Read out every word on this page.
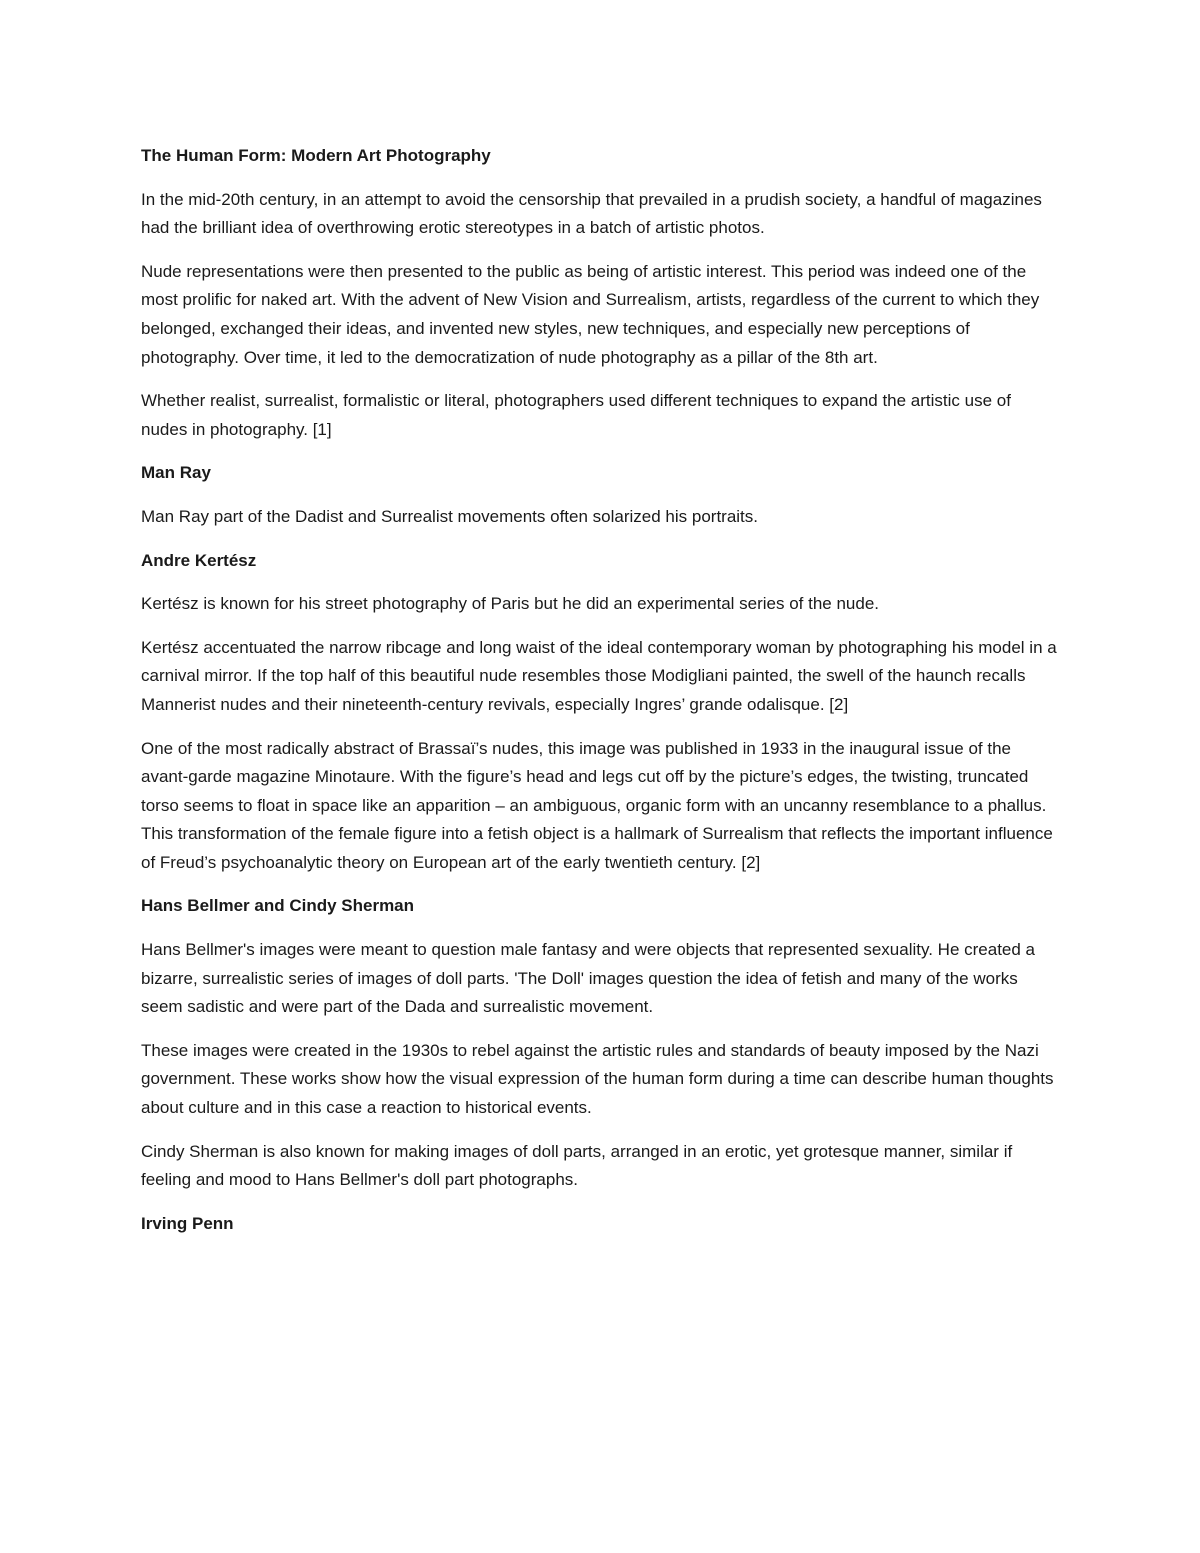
The Human Form: Modern Art Photography

In the mid-20th century, in an attempt to avoid the censorship that prevailed in a prudish society, a handful of magazines had the brilliant idea of overthrowing erotic stereotypes in a batch of artistic photos.

Nude representations were then presented to the public as being of artistic interest. This period was indeed one of the most prolific for naked art. With the advent of New Vision and Surrealism, artists, regardless of the current to which they belonged, exchanged their ideas, and invented new styles, new techniques, and especially new perceptions of photography. Over time, it led to the democratization of nude photography as a pillar of the 8th art.

Whether realist, surrealist, formalistic or literal, photographers used different techniques to expand the artistic use of nudes in photography. [1]

Man Ray

Man Ray part of the Dadist and Surrealist movements often solarized his portraits.

Andre Kertész

Kertész is known for his street photography of Paris but he did an experimental series of the nude.

Kertész accentuated the narrow ribcage and long waist of the ideal contemporary woman by photographing his model in a carnival mirror. If the top half of this beautiful nude resembles those Modigliani painted, the swell of the haunch recalls Mannerist nudes and their nineteenth-century revivals, especially Ingres’ grande odalisque. [2]

One of the most radically abstract of Brassaï’s nudes, this image was published in 1933 in the inaugural issue of the avant-garde magazine Minotaure. With the figure’s head and legs cut off by the picture’s edges, the twisting, truncated torso seems to float in space like an apparition – an ambiguous, organic form with an uncanny resemblance to a phallus. This transformation of the female figure into a fetish object is a hallmark of Surrealism that reflects the important influence of Freud’s psychoanalytic theory on European art of the early twentieth century. [2]

Hans Bellmer and Cindy Sherman

Hans Bellmer's images were meant to question male fantasy and were objects that represented sexuality. He created a bizarre, surrealistic series of images of doll parts. 'The Doll' images question the idea of fetish and many of the works seem sadistic and were part of the Dada and surrealistic movement.

These images were created in the 1930s to rebel against the artistic rules and standards of beauty imposed by the Nazi government. These works show how the visual expression of the human form during a time can describe human thoughts about culture and in this case a reaction to historical events.

Cindy Sherman is also known for making images of doll parts, arranged in an erotic, yet grotesque manner, similar if feeling and mood to Hans Bellmer's doll part photographs.

Irving Penn
